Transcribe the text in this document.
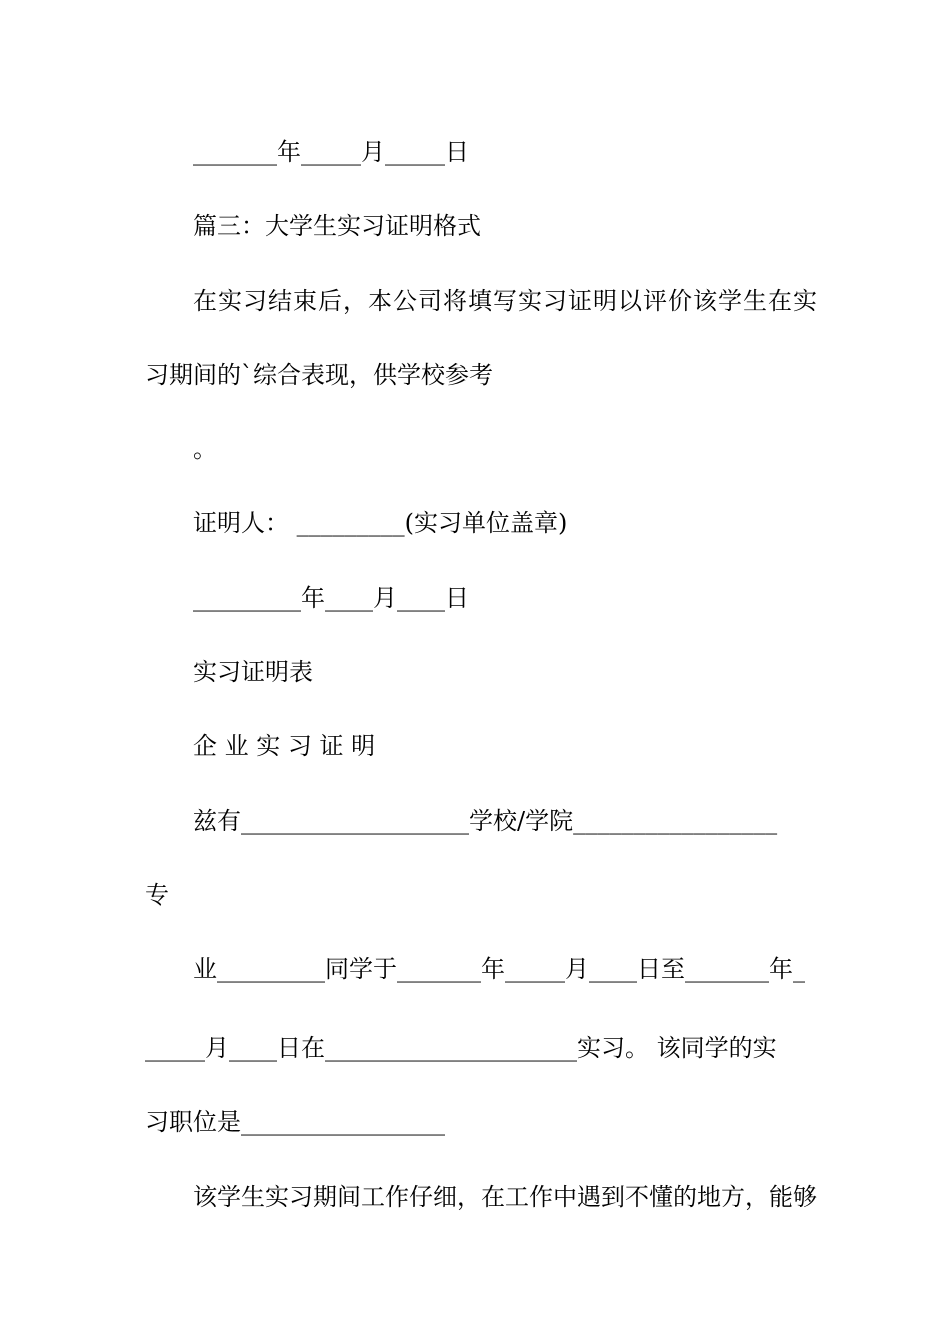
_______年_____月_____日
篇三：大学生实习证明格式
在实习结束后，本公司将填写实习证明以评价该学生在实
习期间的`综合表现，供学校参考
。
证明人： _________(实习单位盖章)
_________年____月____日
实习证明表
企 业 实 习 证 明
兹有___________________学校/学院_________________
专
业_________同学于_______年_____月____日至_______年_
_____月____日在_____________________实习。 该同学的实
习职位是_________________
该学生实习期间工作仔细，在工作中遇到不懂的地方，能够
